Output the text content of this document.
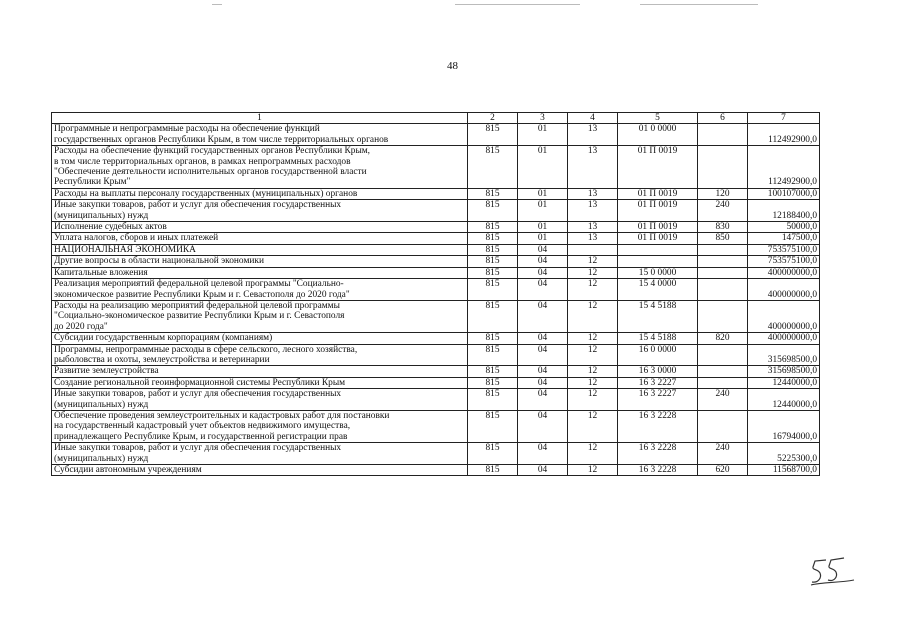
48
1	2	3	4	5	6	7
Программные и непрограммные расходы на обеспечение функций
государственных органов Республики Крым, в том числе территориальных органов	815	01	13	01 0 0000		112492900,0
Расходы на обеспечение функций государственных органов Республики Крым,
в том числе территориальных органов, в рамках непрограммных расходов
"Обеспечение деятельности исполнительных органов государственной власти
Республики Крым"	815	01	13	01 П 0019		112492900,0
Расходы на выплаты персоналу государственных (муниципальных) органов	815	01	13	01 П 0019	120	100107000,0
Иные закупки товаров, работ и услуг для обеспечения государственных
(муниципальных) нужд	815	01	13	01 П 0019	240	12188400,0
Исполнение судебных актов	815	01	13	01 П 0019	830	50000,0
Уплата налогов, сборов и иных платежей	815	01	13	01 П 0019	850	147500,0
НАЦИОНАЛЬНАЯ ЭКОНОМИКА	815	04				753575100,0
Другие вопросы в области национальной экономики	815	04	12			753575100,0
Капитальные вложения	815	04	12	15 0 0000		400000000,0
Реализация мероприятий федеральной целевой программы "Социально-
экономическое развитие Республики Крым и г. Севастополя до 2020 года"	815	04	12	15 4 0000		400000000,0
Расходы на реализацию мероприятий федеральной целевой программы
"Социально-экономическое развитие Республики Крым и г. Севастополя
до 2020 года"	815	04	12	15 4 5188		400000000,0
Субсидии государственным корпорациям (компаниям)	815	04	12	15 4 5188	820	400000000,0
Программы, непрограммные расходы в сфере сельского, лесного хозяйства,
рыболовства и охоты, землеустройства и ветеринарии	815	04	12	16 0 0000		315698500,0
Развитие землеустройства	815	04	12	16 3 0000		315698500,0
Создание региональной геоинформационной системы Республики Крым	815	04	12	16 3 2227		12440000,0
Иные закупки товаров, работ и услуг для обеспечения государственных
(муниципальных) нужд	815	04	12	16 3 2227	240	12440000,0
Обеспечение проведения землеустроительных и кадастровых работ для постановки
на государственный кадастровый учет объектов недвижимого имущества,
принадлежащего Республике Крым, и государственной регистрации прав	815	04	12	16 3 2228		16794000,0
Иные закупки товаров, работ и услуг для обеспечения государственных
(муниципальных) нужд	815	04	12	16 3 2228	240	5225300,0
Субсидии автономным учреждениям	815	04	12	16 3 2228	620	11568700,0
